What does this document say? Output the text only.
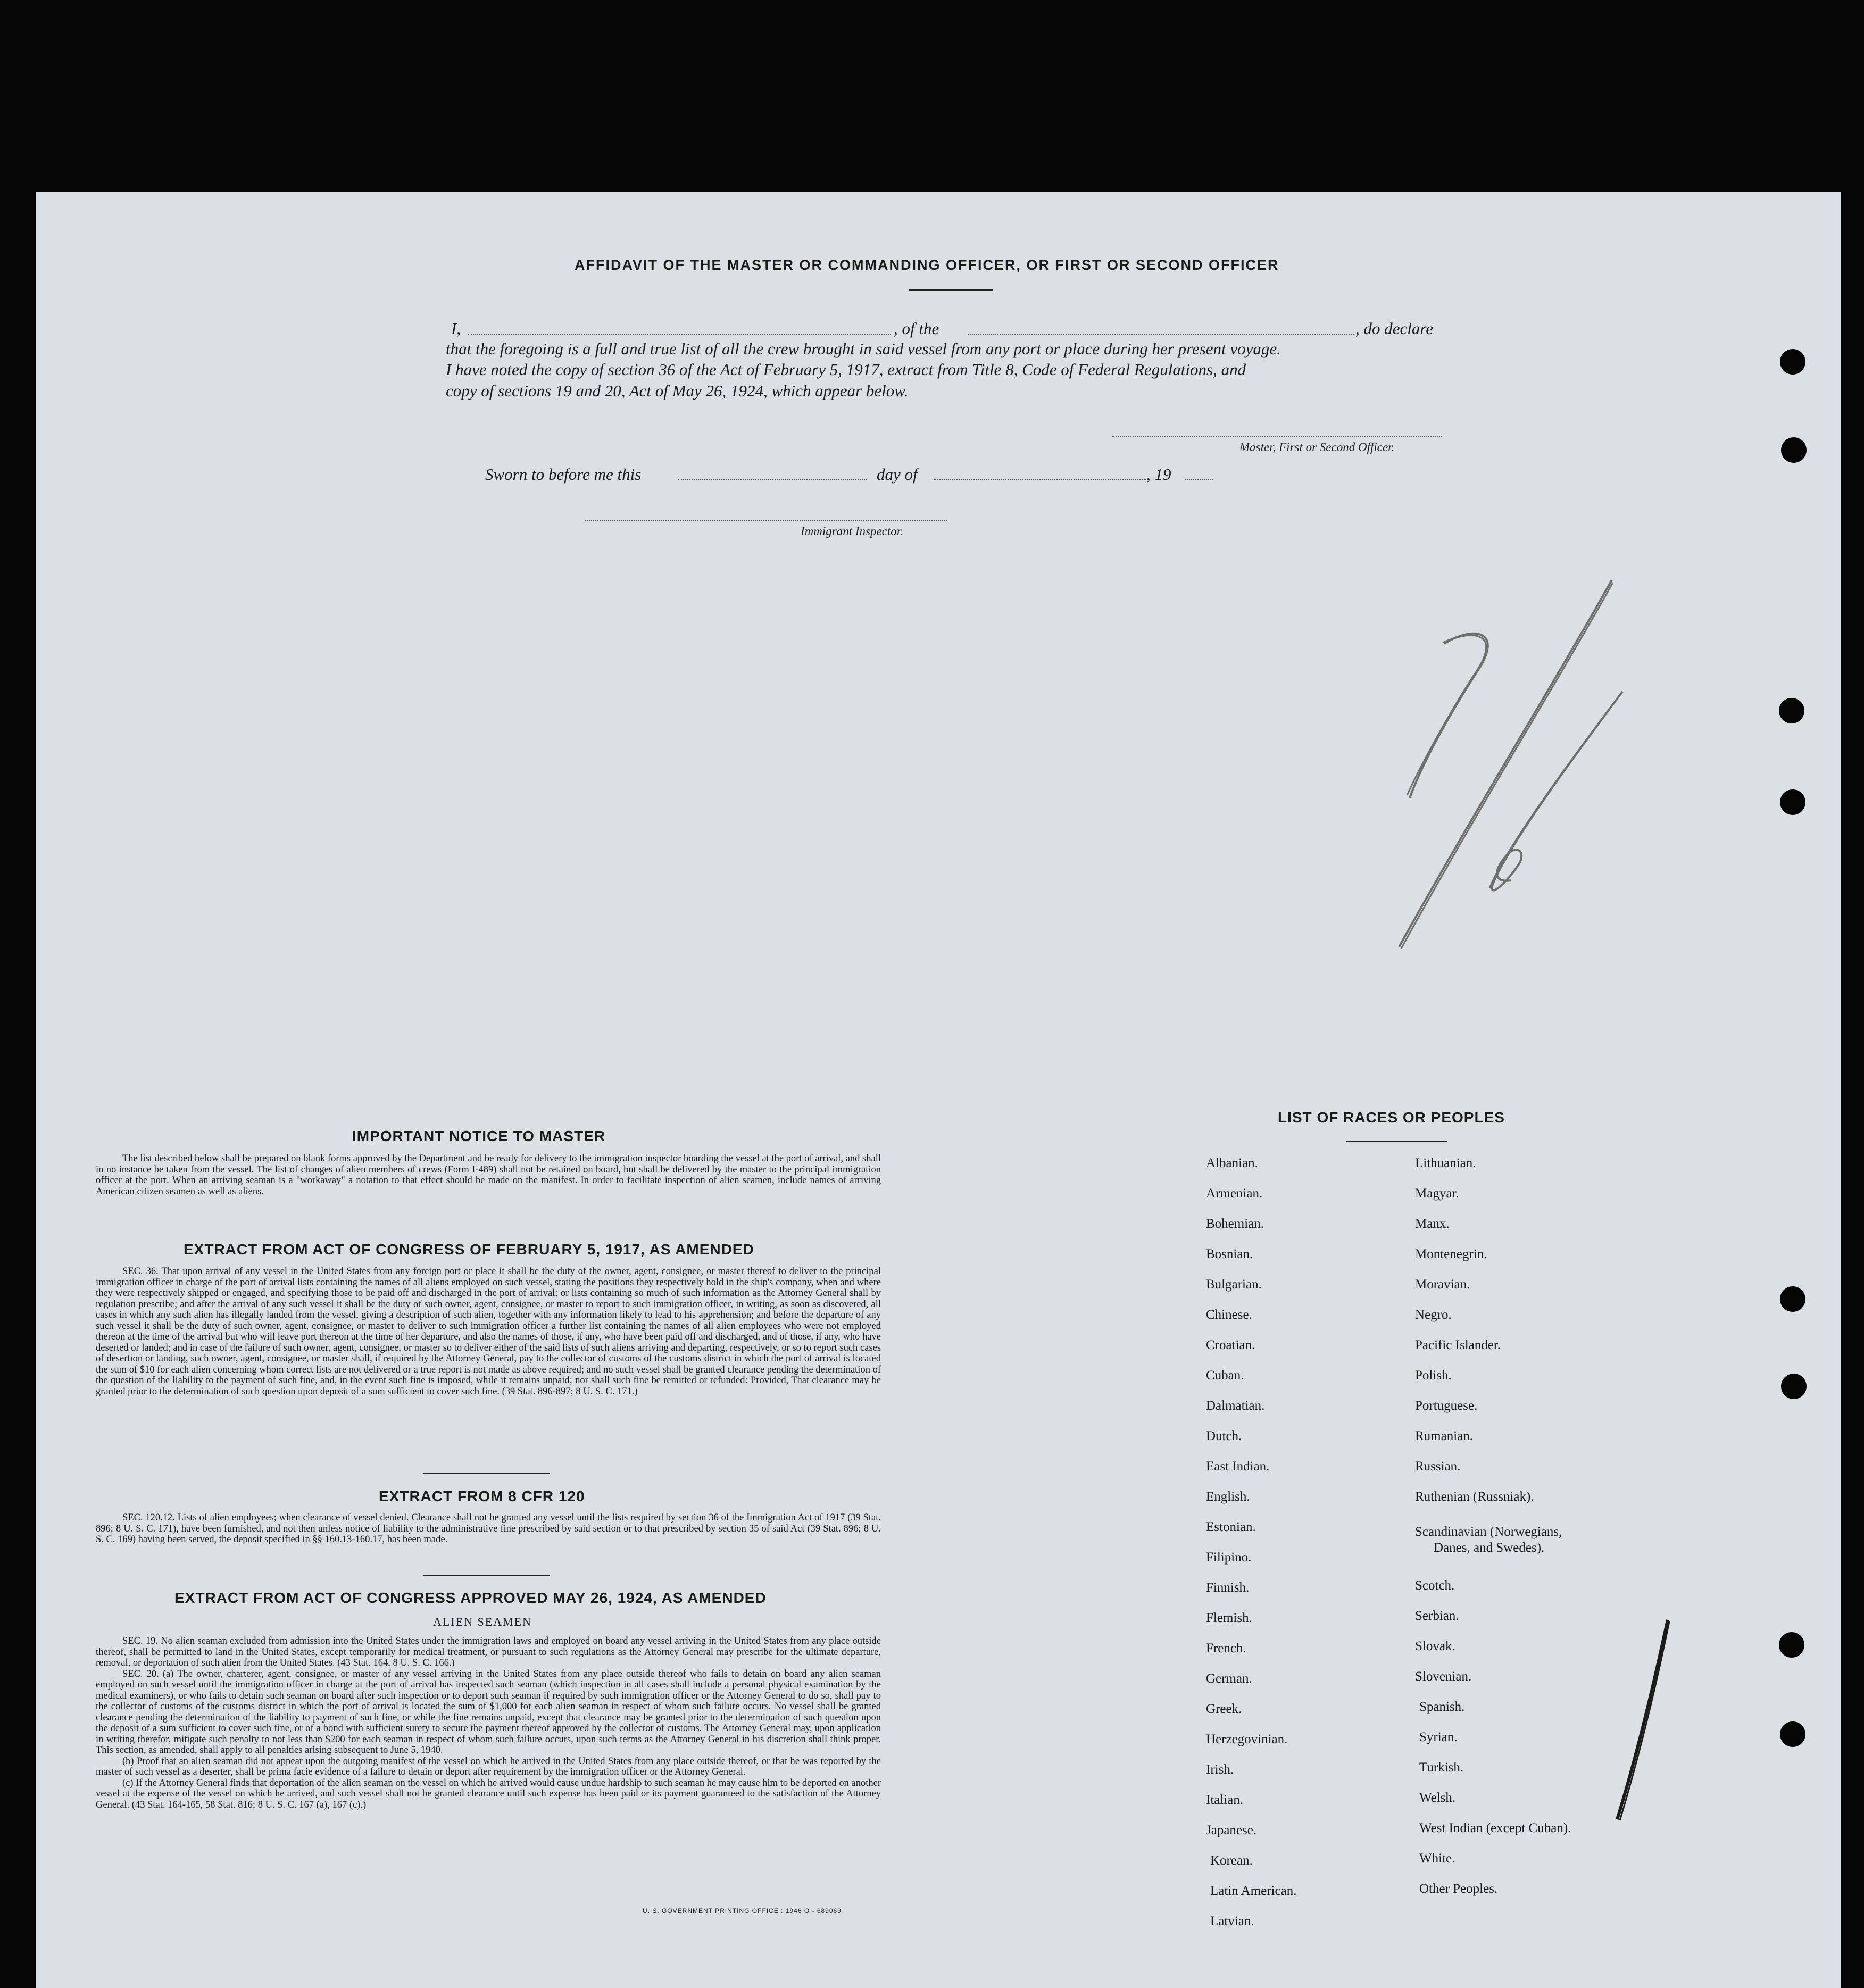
AFFIDAVIT OF THE MASTER OR COMMANDING OFFICER, OR FIRST OR SECOND OFFICER
I,	, of the	, do declare
that the foregoing is a full and true list of all the crew brought in said vessel from any port or place during her present voyage.
I have noted the copy of section 36 of the Act of February 5, 1917, extract from Title 8, Code of Federal Regulations, and
copy of sections 19 and 20, Act of May 26, 1924, which appear below.
Master, First or Second Officer.
Sworn to before me this	day of	, 19
Immigrant Inspector.
IMPORTANT NOTICE TO MASTER

The list described below shall be prepared on blank forms approved by the Department and be ready for delivery to the immigration inspector boarding the vessel at the port of arrival, and shall in no instance be taken from the vessel. The list of changes of alien members of crews (Form I-489) shall not be retained on board, but shall be delivered by the master to the principal immigration officer at the port. When an arriving seaman is a "workaway" a notation to that effect should be made on the manifest. In order to facilitate inspection of alien seamen, include names of arriving American citizen seamen as well as aliens.

EXTRACT FROM ACT OF CONGRESS OF FEBRUARY 5, 1917, AS AMENDED

SEC. 36. That upon arrival of any vessel in the United States from any foreign port or place it shall be the duty of the owner, agent, consignee, or master thereof to deliver to the principal immigration officer in charge of the port of arrival lists containing the names of all aliens employed on such vessel, stating the positions they respectively hold in the ship's company, when and where they were respectively shipped or engaged, and specifying those to be paid off and discharged in the port of arrival; or lists containing so much of such information as the Attorney General shall by regulation prescribe; and after the arrival of any such vessel it shall be the duty of such owner, agent, consignee, or master to report to such immigration officer, in writing, as soon as discovered, all cases in which any such alien has illegally landed from the vessel, giving a description of such alien, together with any information likely to lead to his apprehension; and before the departure of any such vessel it shall be the duty of such owner, agent, consignee, or master to deliver to such immigration officer a further list containing the names of all alien employees who were not employed thereon at the time of the arrival but who will leave port thereon at the time of her departure, and also the names of those, if any, who have been paid off and discharged, and of those, if any, who have deserted or landed; and in case of the failure of such owner, agent, consignee, or master so to deliver either of the said lists of such aliens arriving and departing, respectively, or so to report such cases of desertion or landing, such owner, agent, consignee, or master shall, if required by the Attorney General, pay to the collector of customs of the customs district in which the port of arrival is located the sum of $10 for each alien concerning whom correct lists are not delivered or a true report is not made as above required; and no such vessel shall be granted clearance pending the determination of the question of the liability to the payment of such fine, and, in the event such fine is imposed, while it remains unpaid; nor shall such fine be remitted or refunded: Provided, That clearance may be granted prior to the determination of such question upon deposit of a sum sufficient to cover such fine. (39 Stat. 896-897; 8 U. S. C. 171.)

EXTRACT FROM 8 CFR 120

SEC. 120.12. Lists of alien employees; when clearance of vessel denied. Clearance shall not be granted any vessel until the lists required by section 36 of the Immigration Act of 1917 (39 Stat. 896; 8 U. S. C. 171), have been furnished, and not then unless notice of liability to the administrative fine prescribed by said section or to that prescribed by section 35 of said Act (39 Stat. 896; 8 U. S. C. 169) having been served, the deposit specified in §§ 160.13-160.17, has been made.

EXTRACT FROM ACT OF CONGRESS APPROVED MAY 26, 1924, AS AMENDED
ALIEN SEAMEN

SEC. 19. No alien seaman excluded from admission into the United States under the immigration laws and employed on board any vessel arriving in the United States from any place outside thereof, shall be permitted to land in the United States, except temporarily for medical treatment, or pursuant to such regulations as the Attorney General may prescribe for the ultimate departure, removal, or deportation of such alien from the United States. (43 Stat. 164, 8 U. S. C. 166.)

SEC. 20. (a) The owner, charterer, agent, consignee, or master of any vessel arriving in the United States from any place outside thereof who fails to detain on board any alien seaman employed on such vessel until the immigration officer in charge at the port of arrival has inspected such seaman (which inspection in all cases shall include a personal physical examination by the medical examiners), or who fails to detain such seaman on board after such inspection or to deport such seaman if required by such immigration officer or the Attorney General to do so, shall pay to the collector of customs of the customs district in which the port of arrival is located the sum of $1,000 for each alien seaman in respect of whom such failure occurs. No vessel shall be granted clearance pending the determination of the liability to payment of such fine, or while the fine remains unpaid, except that clearance may be granted prior to the determination of such question upon the deposit of a sum sufficient to cover such fine, or of a bond with sufficient surety to secure the payment thereof approved by the collector of customs. The Attorney General may, upon application in writing therefor, mitigate such penalty to not less than $200 for each seaman in respect of whom such failure occurs, upon such terms as the Attorney General in his discretion shall think proper. This section, as amended, shall apply to all penalties arising subsequent to June 5, 1940.

(b) Proof that an alien seaman did not appear upon the outgoing manifest of the vessel on which he arrived in the United States from any place outside thereof, or that he was reported by the master of such vessel as a deserter, shall be prima facie evidence of a failure to detain or deport after requirement by the immigration officer or the Attorney General.

(c) If the Attorney General finds that deportation of the alien seaman on the vessel on which he arrived would cause undue hardship to such seaman he may cause him to be deported on another vessel at the expense of the vessel on which he arrived, and such vessel shall not be granted clearance until such expense has been paid or its payment guaranteed to the satisfaction of the Attorney General. (43 Stat. 164-165, 58 Stat. 816; 8 U. S. C. 167 (a), 167 (c).)

U. S. GOVERNMENT PRINTING OFFICE : 1946 O - 689069
LIST OF RACES OR PEOPLES
Albanian.
Armenian.
Bohemian.
Bosnian.
Bulgarian.
Chinese.
Croatian.
Cuban.
Dalmatian.
Dutch.
East Indian.
English.
Estonian.
Filipino.
Finnish.
Flemish.
French.
German.
Greek.
Herzegovinian.
Irish.
Italian.
Japanese.
Korean.
Latin American.
Latvian.
Lithuanian.
Magyar.
Manx.
Montenegrin.
Moravian.
Negro.
Pacific Islander.
Polish.
Portuguese.
Rumanian.
Russian.
Ruthenian (Russniak).
Scandinavian (Norwegians,
Danes, and Swedes).
Scotch.
Serbian.
Slovak.
Slovenian.
Spanish.
Syrian.
Turkish.
Welsh.
West Indian (except Cuban).
White.
Other Peoples.
